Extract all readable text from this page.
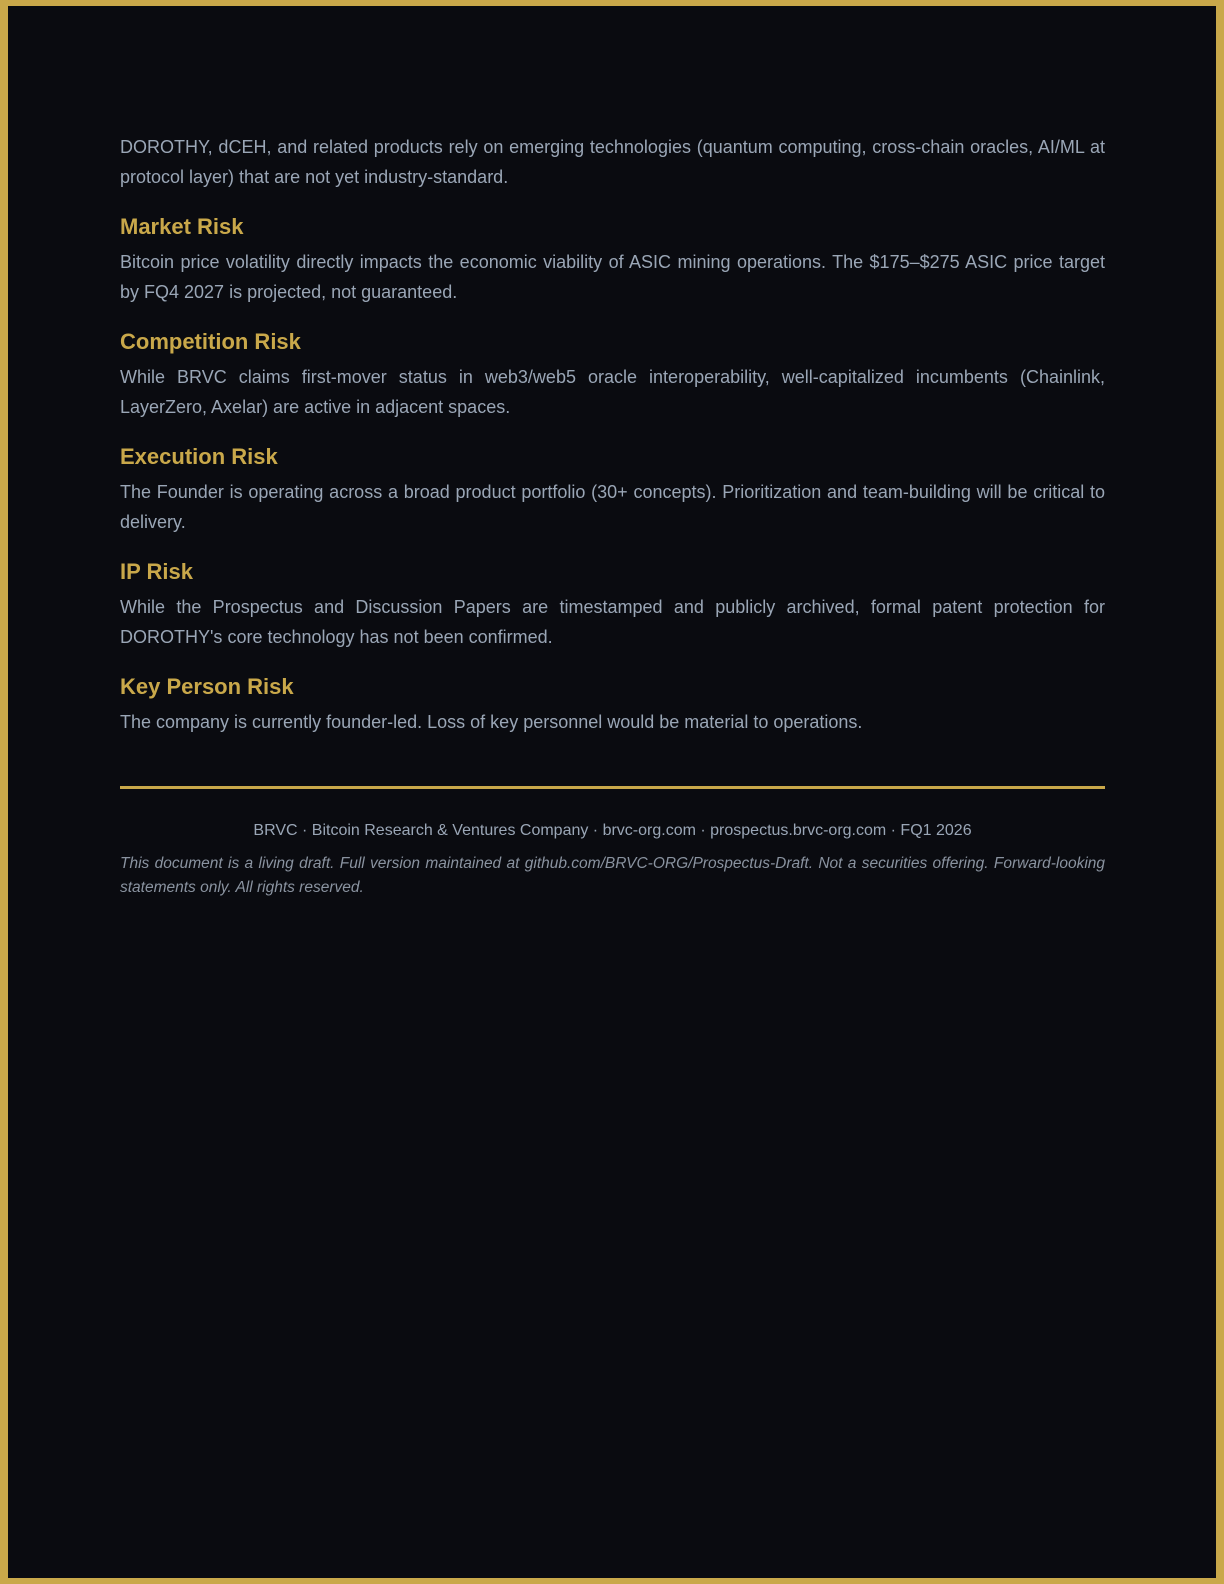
DOROTHY, dCEH, and related products rely on emerging technologies (quantum computing, cross-chain oracles, AI/ML at protocol layer) that are not yet industry-standard.

Market Risk

Bitcoin price volatility directly impacts the economic viability of ASIC mining operations. The $175–$275 ASIC price target by FQ4 2027 is projected, not guaranteed.

Competition Risk

While BRVC claims first-mover status in web3/web5 oracle interoperability, well-capitalized incumbents (Chainlink, LayerZero, Axelar) are active in adjacent spaces.

Execution Risk

The Founder is operating across a broad product portfolio (30+ concepts). Prioritization and team-building will be critical to delivery.

IP Risk

While the Prospectus and Discussion Papers are timestamped and publicly archived, formal patent protection for DOROTHY's core technology has not been confirmed.

Key Person Risk

The company is currently founder-led. Loss of key personnel would be material to operations.

BRVC · Bitcoin Research & Ventures Company · brvc-org.com · prospectus.brvc-org.com · FQ1 2026
This document is a living draft. Full version maintained at github.com/BRVC-ORG/Prospectus-Draft. Not a securities offering. Forward-looking statements only. All rights reserved.
